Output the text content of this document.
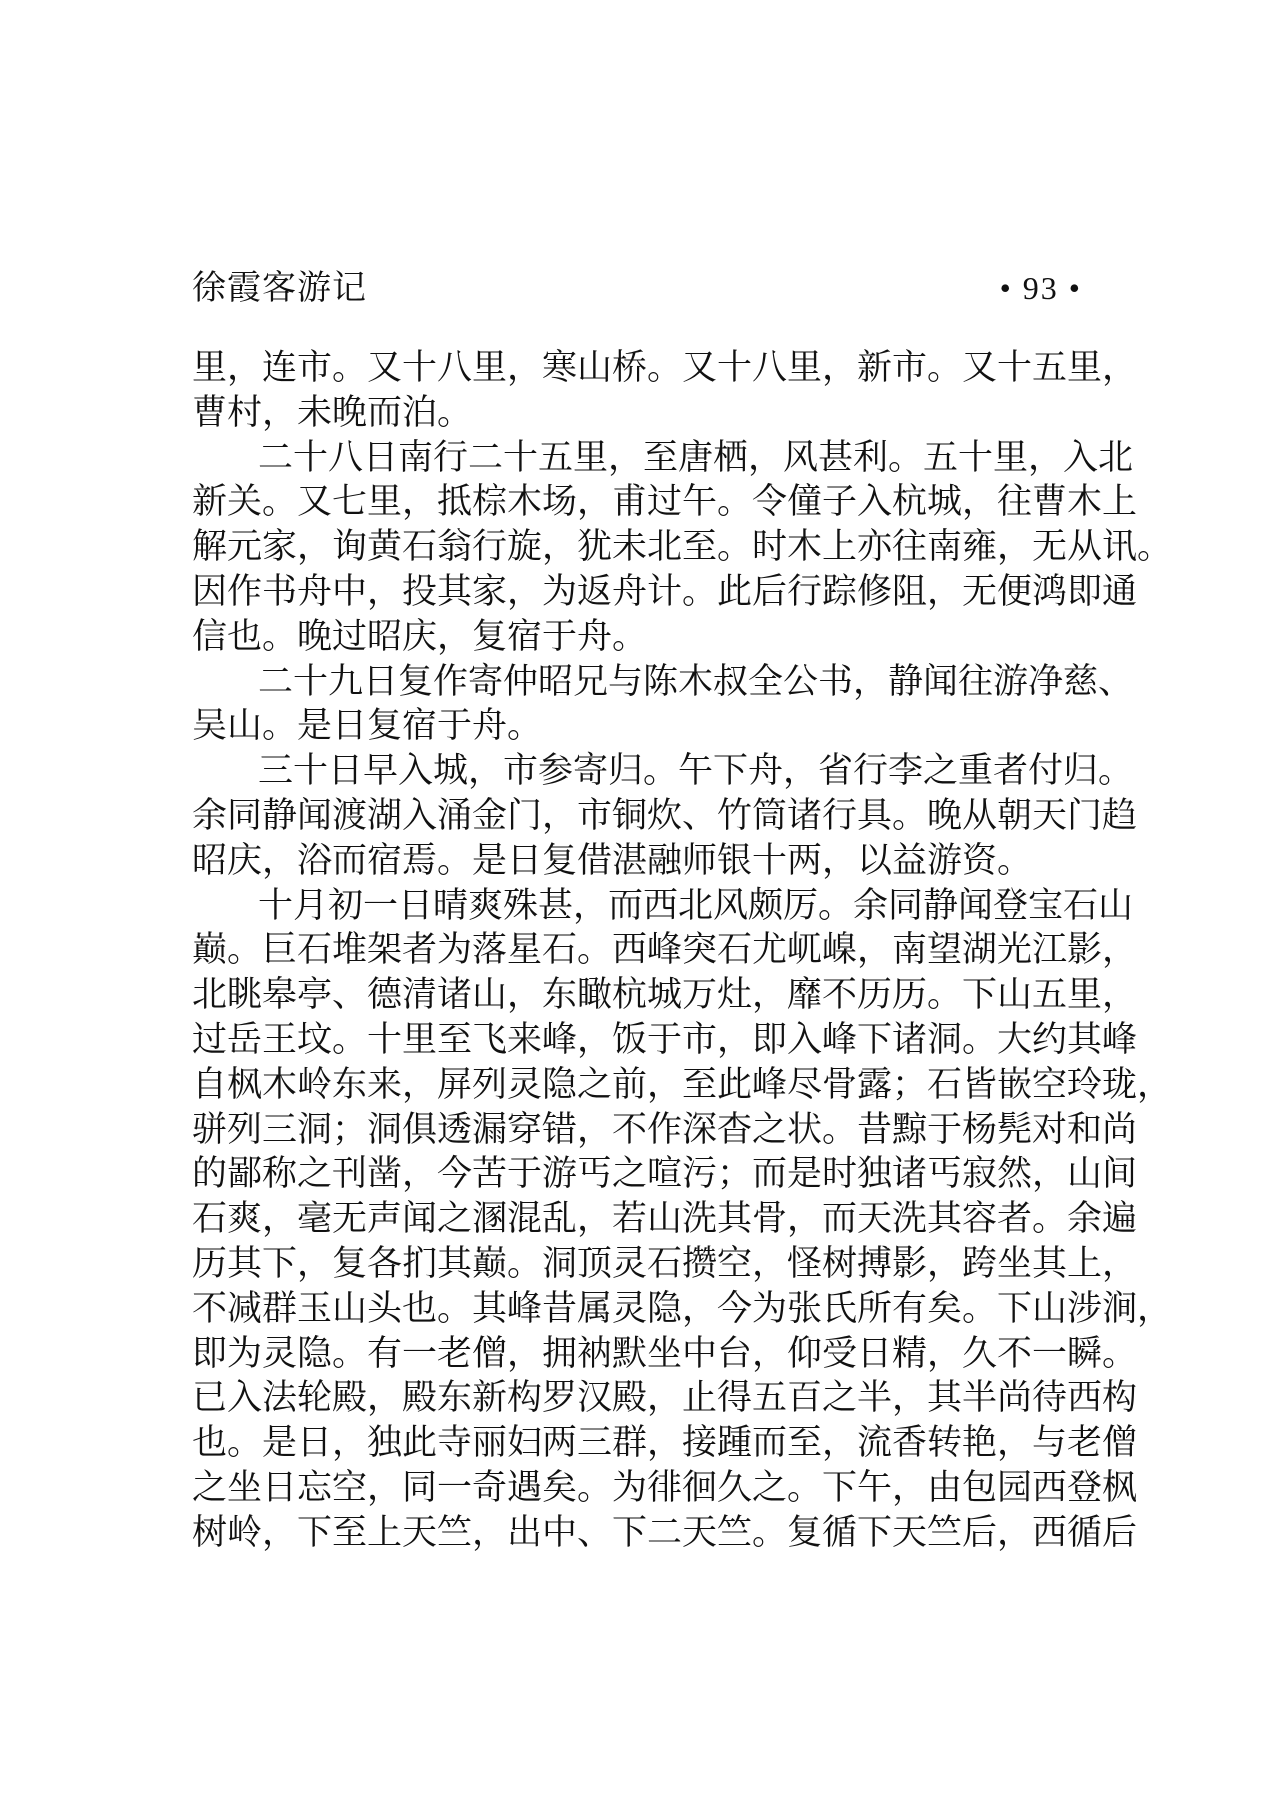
徐霞客游记	• 93 •
里，连市。又十八里，寒山桥。又十八里，新市。又十五里，
曹村，未晚而泊。
二十八日南行二十五里，至唐栖，风甚利。五十里，入北
新关。又七里，抵棕木场，甫过午。令僮子入杭城，往曹木上
解元家，询黄石翁行旋，犹未北至。时木上亦往南雍，无从讯。
因作书舟中，投其家，为返舟计。此后行踪修阻，无便鸿即通
信也。晚过昭庆，复宿于舟。
二十九日复作寄仲昭兄与陈木叔全公书，静闻往游净慈、
吴山。是日复宿于舟。
三十日早入城，市参寄归。午下舟，省行李之重者付归。
余同静闻渡湖入涌金门，市铜炊、竹筒诸行具。晚从朝天门趋
昭庆，浴而宿焉。是日复借湛融师银十两，以益游资。
十月初一日晴爽殊甚，而西北风颇厉。余同静闻登宝石山
巅。巨石堆架者为落星石。西峰突石尤屼嵲，南望湖光江影，
北眺皋亭、德清诸山，东瞰杭城万灶，靡不历历。下山五里，
过岳王坟。十里至飞来峰，饭于市，即入峰下诸洞。大约其峰
自枫木岭东来，屏列灵隐之前，至此峰尽骨露；石皆嵌空玲珑，
骈列三洞；洞俱透漏穿错，不作深杳之状。昔黥于杨髡对和尚
的鄙称之刊凿，今苦于游丐之喧污；而是时独诸丐寂然，山间
石爽，毫无声闻之溷混乱，若山洗其骨，而天洗其容者。余遍
历其下，复各扪其巅。洞顶灵石攒空，怪树搏影，跨坐其上，
不减群玉山头也。其峰昔属灵隐，今为张氏所有矣。下山涉涧，
即为灵隐。有一老僧，拥衲默坐中台，仰受日精，久不一瞬。
已入法轮殿，殿东新构罗汉殿，止得五百之半，其半尚待西构
也。是日，独此寺丽妇两三群，接踵而至，流香转艳，与老僧
之坐日忘空，同一奇遇矣。为徘徊久之。下午，由包园西登枫
树岭，下至上天竺，出中、下二天竺。复循下天竺后，西循后
